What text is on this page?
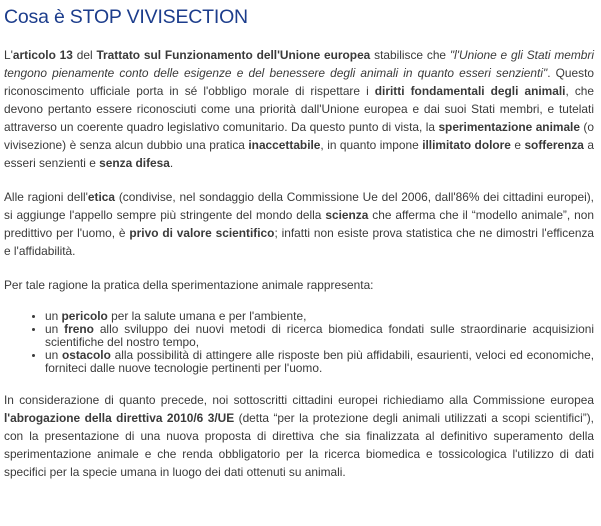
Cosa è STOP VIVISECTION

L'articolo 13 del Trattato sul Funzionamento dell'Unione europea stabilisce che "l'Unione e gli Stati membri tengono pienamente conto delle esigenze e del benessere degli animali in quanto esseri senzienti". Questo riconoscimento ufficiale porta in sé l'obbligo morale di rispettare i diritti fondamentali degli animali, che devono pertanto essere riconosciuti come una priorità dall'Unione europea e dai suoi Stati membri, e tutelati attraverso un coerente quadro legislativo comunitario. Da questo punto di vista, la sperimentazione animale (o vivisezione) è senza alcun dubbio una pratica inaccettabile, in quanto impone illimitato dolore e sofferenza a esseri senzienti e senza difesa.

Alle ragioni dell'etica (condivise, nel sondaggio della Commissione Ue del 2006, dall'86% dei cittadini europei), si aggiunge l'appello sempre più stringente del mondo della scienza che afferma che il “modello animale”, non predittivo per l'uomo, è privo di valore scientifico; infatti non esiste prova statistica che ne dimostri l'efficenza e l'affidabilità.

Per tale ragione la pratica della sperimentazione animale rappresenta:

• un pericolo per la salute umana e per l'ambiente,
• un freno allo sviluppo dei nuovi metodi di ricerca biomedica fondati sulle straordinarie acquisizioni scientifiche del nostro tempo,
• un ostacolo alla possibilità di attingere alle risposte ben più affidabili, esaurienti, veloci ed economiche, forniteci dalle nuove tecnologie pertinenti per l'uomo.

In considerazione di quanto precede, noi sottoscritti cittadini europei richiediamo alla Commissione europea l'abrogazione della direttiva 2010/6 3/UE (detta “per la protezione degli animali utilizzati a scopi scientifici”), con la presentazione di una nuova proposta di direttiva che sia finalizzata al definitivo superamento della sperimentazione animale e che renda obbligatorio per la ricerca biomedica e tossicologica l'utilizzo di dati specifici per la specie umana in luogo dei dati ottenuti su animali.
